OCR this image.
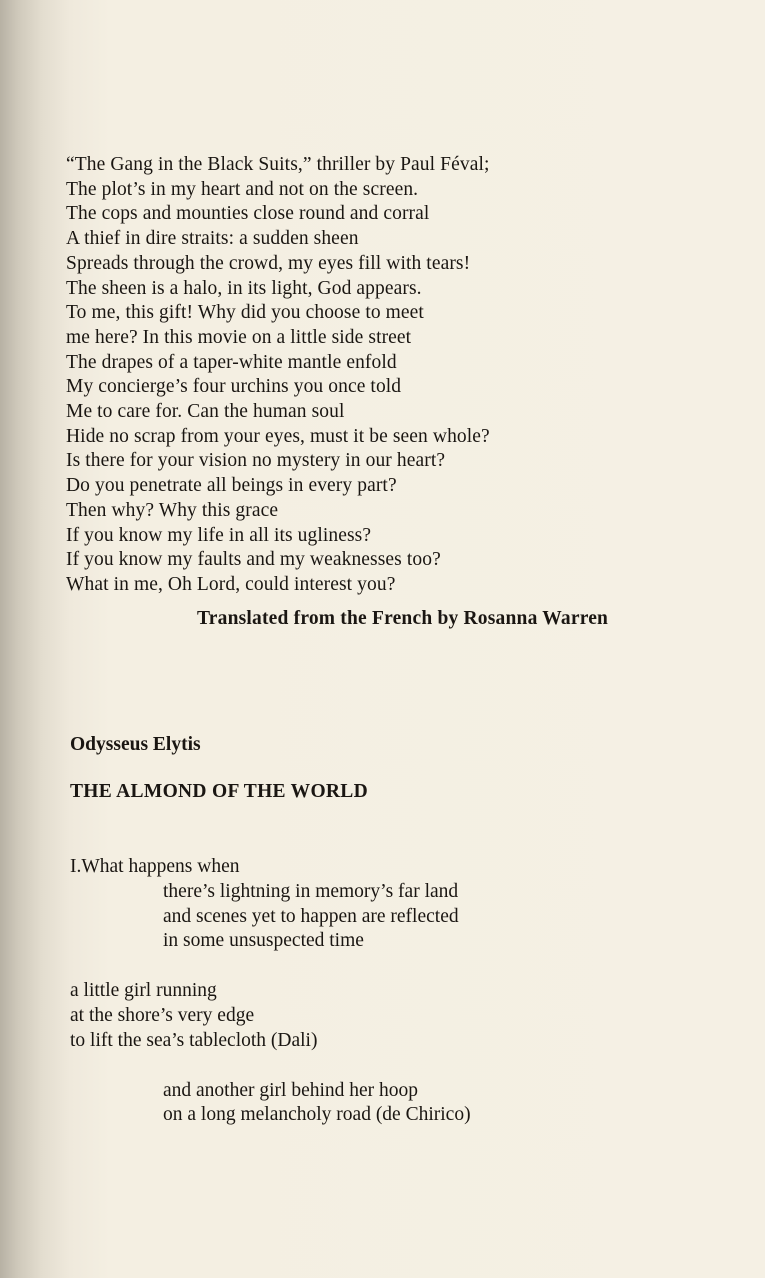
“The Gang in the Black Suits,” thriller by Paul Féval;
The plot’s in my heart and not on the screen.
The cops and mounties close round and corral
A thief in dire straits: a sudden sheen
Spreads through the crowd, my eyes fill with tears!
The sheen is a halo, in its light, God appears.
To me, this gift! Why did you choose to meet
me here? In this movie on a little side street
The drapes of a taper-white mantle enfold
My concierge’s four urchins you once told
Me to care for. Can the human soul
Hide no scrap from your eyes, must it be seen whole?
Is there for your vision no mystery in our heart?
Do you penetrate all beings in every part?
Then why? Why this grace
If you know my life in all its ugliness?
If you know my faults and my weaknesses too?
What in me, Oh Lord, could interest you?
Translated from the French by Rosanna Warren
Odysseus Elytis
THE ALMOND OF THE WORLD
I.What happens when
there’s lightning in memory’s far land
and scenes yet to happen are reflected
in some unsuspected time
a little girl running
at the shore’s very edge
to lift the sea’s tablecloth (Dali)
and another girl behind her hoop
on a long melancholy road (de Chirico)
